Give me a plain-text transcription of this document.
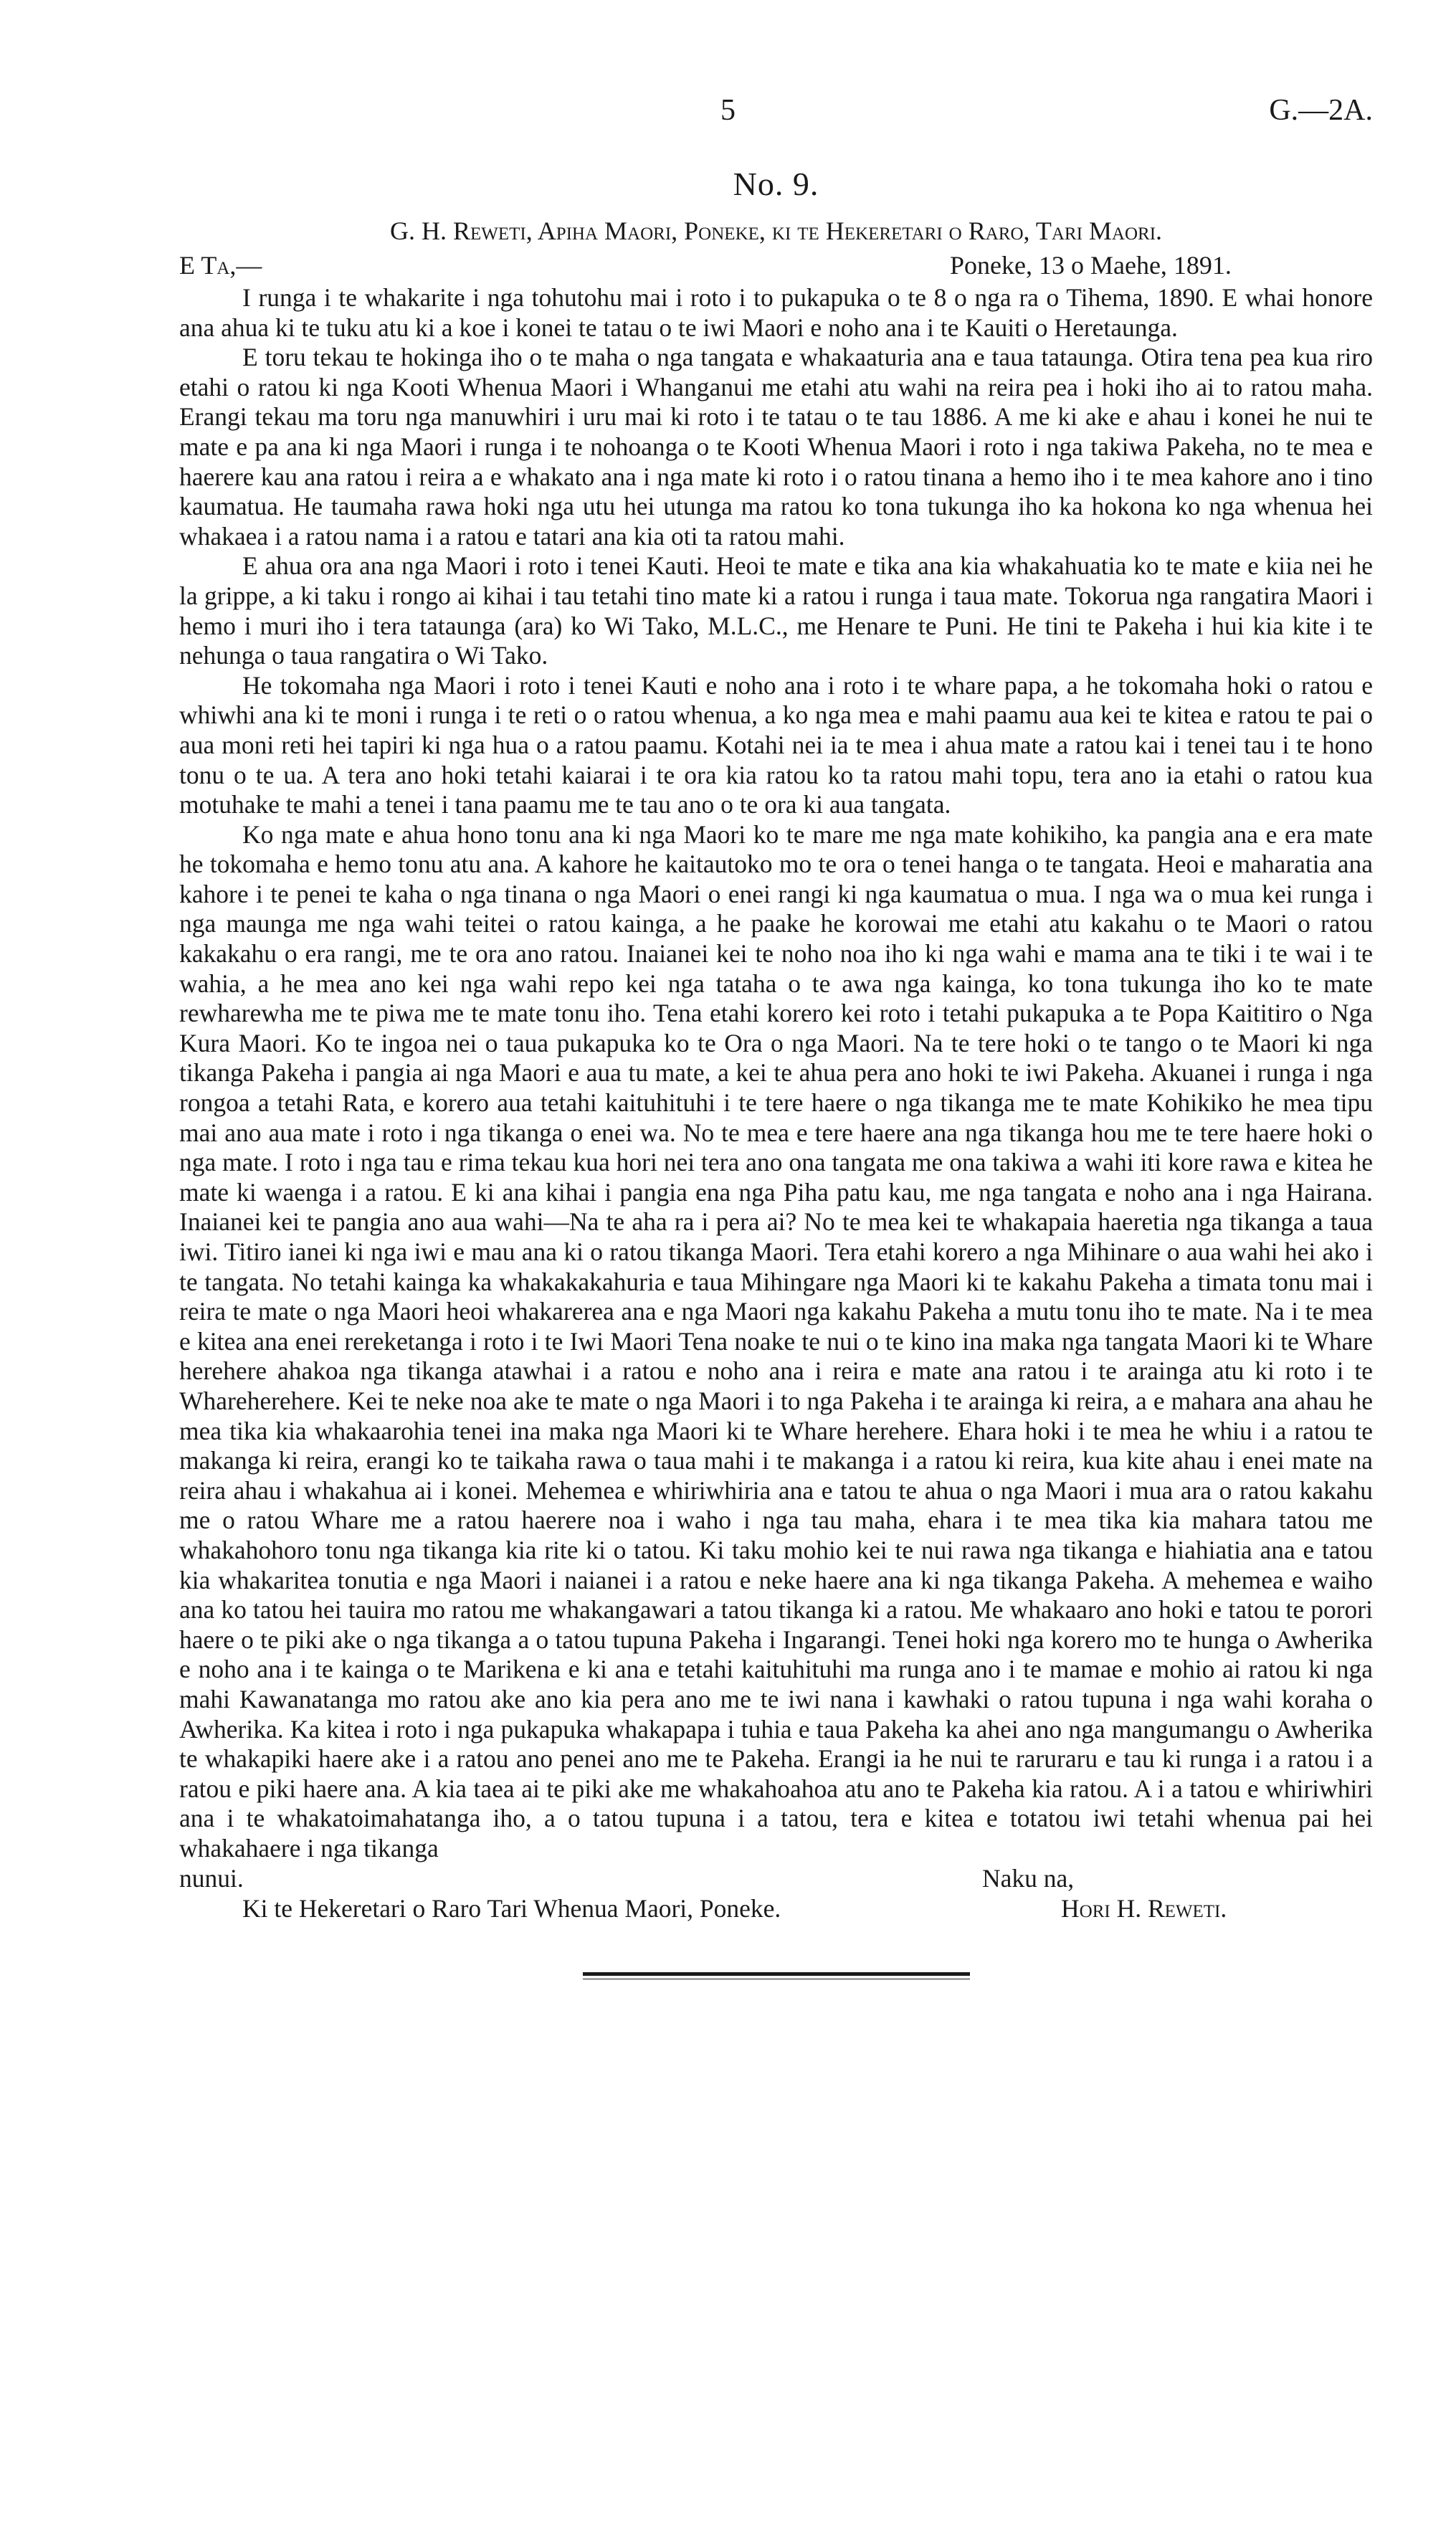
5	G.—2A.
No. 9.
G. H. Reweti, Apiha Maori, Poneke, ki te Hekeretari o Raro, Tari Maori.
E Ta,—	Poneke, 13 o Maehe, 1891.

I runga i te whakarite i nga tohutohu mai i roto i to pukapuka o te 8 o nga ra o Tihema, 1890. E whai honore ana ahua ki te tuku atu ki a koe i konei te tatau o te iwi Maori e noho ana i te Kauiti o Heretaunga.

E toru tekau te hokinga iho o te maha o nga tangata e whakaaturia ana e taua tataunga. Otira tena pea kua riro etahi o ratou ki nga Kooti Whenua Maori i Whanganui me etahi atu wahi na reira pea i hoki iho ai to ratou maha. Erangi tekau ma toru nga manuwhiri i uru mai ki roto i te tatau o te tau 1886. A me ki ake e ahau i konei he nui te mate e pa ana ki nga Maori i runga i te nohoanga o te Kooti Whenua Maori i roto i nga takiwa Pakeha, no te mea e haerere kau ana ratou i reira a e whakato ana i nga mate ki roto i o ratou tinana a hemo iho i te mea kahore ano i tino kaumatua. He taumaha rawa hoki nga utu hei utunga ma ratou ko tona tukunga iho ka hokona ko nga whenua hei whakaea i a ratou nama i a ratou e tatari ana kia oti ta ratou mahi.

E ahua ora ana nga Maori i roto i tenei Kauti. Heoi te mate e tika ana kia whakahuatia ko te mate e kiia nei he la grippe, a ki taku i rongo ai kihai i tau tetahi tino mate ki a ratou i runga i taua mate. Tokorua nga rangatira Maori i hemo i muri iho i tera tataunga (ara) ko Wi Tako, M.L.C., me Henare te Puni. He tini te Pakeha i hui kia kite i te nehunga o taua rangatira o Wi Tako.

He tokomaha nga Maori i roto i tenei Kauti e noho ana i roto i te whare papa, a he tokomaha hoki o ratou e whiwhi ana ki te moni i runga i te reti o o ratou whenua, a ko nga mea e mahi paamu aua kei te kitea e ratou te pai o aua moni reti hei tapiri ki nga hua o a ratou paamu. Kotahi nei ia te mea i ahua mate a ratou kai i tenei tau i te hono tonu o te ua. A tera ano hoki tetahi kaiarai i te ora kia ratou ko ta ratou mahi topu, tera ano ia etahi o ratou kua motuhake te mahi a tenei i tana paamu me te tau ano o te ora ki aua tangata.

Ko nga mate e ahua hono tonu ana ki nga Maori ko te mare me nga mate kohikiho, ka pangia ana e era mate he tokomaha e hemo tonu atu ana. A kahore he kaitautoko mo te ora o tenei hanga o te tangata. Heoi e maharatia ana kahore i te penei te kaha o nga tinana o nga Maori o enei rangi ki nga kaumatua o mua. I nga wa o mua kei runga i nga maunga me nga wahi teitei o ratou kainga, a he paake he korowai me etahi atu kakahu o te Maori o ratou kakakahu o era rangi, me te ora ano ratou. Inaianei kei te noho noa iho ki nga wahi e mama ana te tiki i te wai i te wahia, a he mea ano kei nga wahi repo kei nga tataha o te awa nga kainga, ko tona tukunga iho ko te mate rewharewha me te piwa me te mate tonu iho. Tena etahi korero kei roto i tetahi pukapuka a te Popa Kaititiro o Nga Kura Maori. Ko te ingoa nei o taua pukapuka ko te Ora o nga Maori. Na te tere hoki o te tango o te Maori ki nga tikanga Pakeha i pangia ai nga Maori e aua tu mate, a kei te ahua pera ano hoki te iwi Pakeha. Akuanei i runga i nga rongoa a tetahi Rata, e korero aua tetahi kaituhituhi i te tere haere o nga tikanga me te mate Kohikiko he mea tipu mai ano aua mate i roto i nga tikanga o enei wa. No te mea e tere haere ana nga tikanga hou me te tere haere hoki o nga mate. I roto i nga tau e rima tekau kua hori nei tera ano ona tangata me ona takiwa a wahi iti kore rawa e kitea he mate ki waenga i a ratou. E ki ana kihai i pangia ena nga Piha patu kau, me nga tangata e noho ana i nga Hairana. Inaianei kei te pangia ano aua wahi—Na te aha ra i pera ai? No te mea kei te whakapaia haeretia nga tikanga a taua iwi. Titiro ianei ki nga iwi e mau ana ki o ratou tikanga Maori. Tera etahi korero a nga Mihinare o aua wahi hei ako i te tangata. No tetahi kainga ka whakakakahuria e taua Mihingare nga Maori ki te kakahu Pakeha a timata tonu mai i reira te mate o nga Maori heoi whakarerea ana e nga Maori nga kakahu Pakeha a mutu tonu iho te mate. Na i te mea e kitea ana enei rereketanga i roto i te Iwi Maori Tena noake te nui o te kino ina maka nga tangata Maori ki te Whare herehere ahakoa nga tikanga atawhai i a ratou e noho ana i reira e mate ana ratou i te arainga atu ki roto i te Whareherehere. Kei te neke noa ake te mate o nga Maori i to nga Pakeha i te arainga ki reira, a e mahara ana ahau he mea tika kia whakaarohia tenei ina maka nga Maori ki te Whare herehere. Ehara hoki i te mea he whiu i a ratou te makanga ki reira, erangi ko te taikaha rawa o taua mahi i te makanga i a ratou ki reira, kua kite ahau i enei mate na reira ahau i whakahua ai i konei. Mehemea e whiriwhiria ana e tatou te ahua o nga Maori i mua ara o ratou kakahu me o ratou Whare me a ratou haerere noa i waho i nga tau maha, ehara i te mea tika kia mahara tatou me whakahohoro tonu nga tikanga kia rite ki o tatou. Ki taku mohio kei te nui rawa nga tikanga e hiahiatia ana e tatou kia whakaritea tonutia e nga Maori i naianei i a ratou e neke haere ana ki nga tikanga Pakeha. A mehemea e waiho ana ko tatou hei tauira mo ratou me whakangawari a tatou tikanga ki a ratou. Me whakaaro ano hoki e tatou te porori haere o te piki ake o nga tikanga a o tatou tupuna Pakeha i Ingarangi. Tenei hoki nga korero mo te hunga o Awherika e noho ana i te kainga o te Marikena e ki ana e tetahi kaituhituhi ma runga ano i te mamae e mohio ai ratou ki nga mahi Kawanatanga mo ratou ake ano kia pera ano me te iwi nana i kawhaki o ratou tupuna i nga wahi koraha o Awherika. Ka kitea i roto i nga pukapuka whakapapa i tuhia e taua Pakeha ka ahei ano nga mangumangu o Awherika te whakapiki haere ake i a ratou ano penei ano me te Pakeha. Erangi ia he nui te raruraru e tau ki runga i a ratou i a ratou e piki haere ana. A kia taea ai te piki ake me whakahoahoa atu ano te Pakeha kia ratou. A i a tatou e whiriwhiri ana i te whakatoimahatanga iho, a o tatou tupuna i a tatou, tera e kitea e totatou iwi tetahi whenua pai hei whakahaere i nga tikanga

nunui.	Naku na,
Ki te Hekeretari o Raro Tari Whenua Maori, Poneke.	Hori H. Reweti.
